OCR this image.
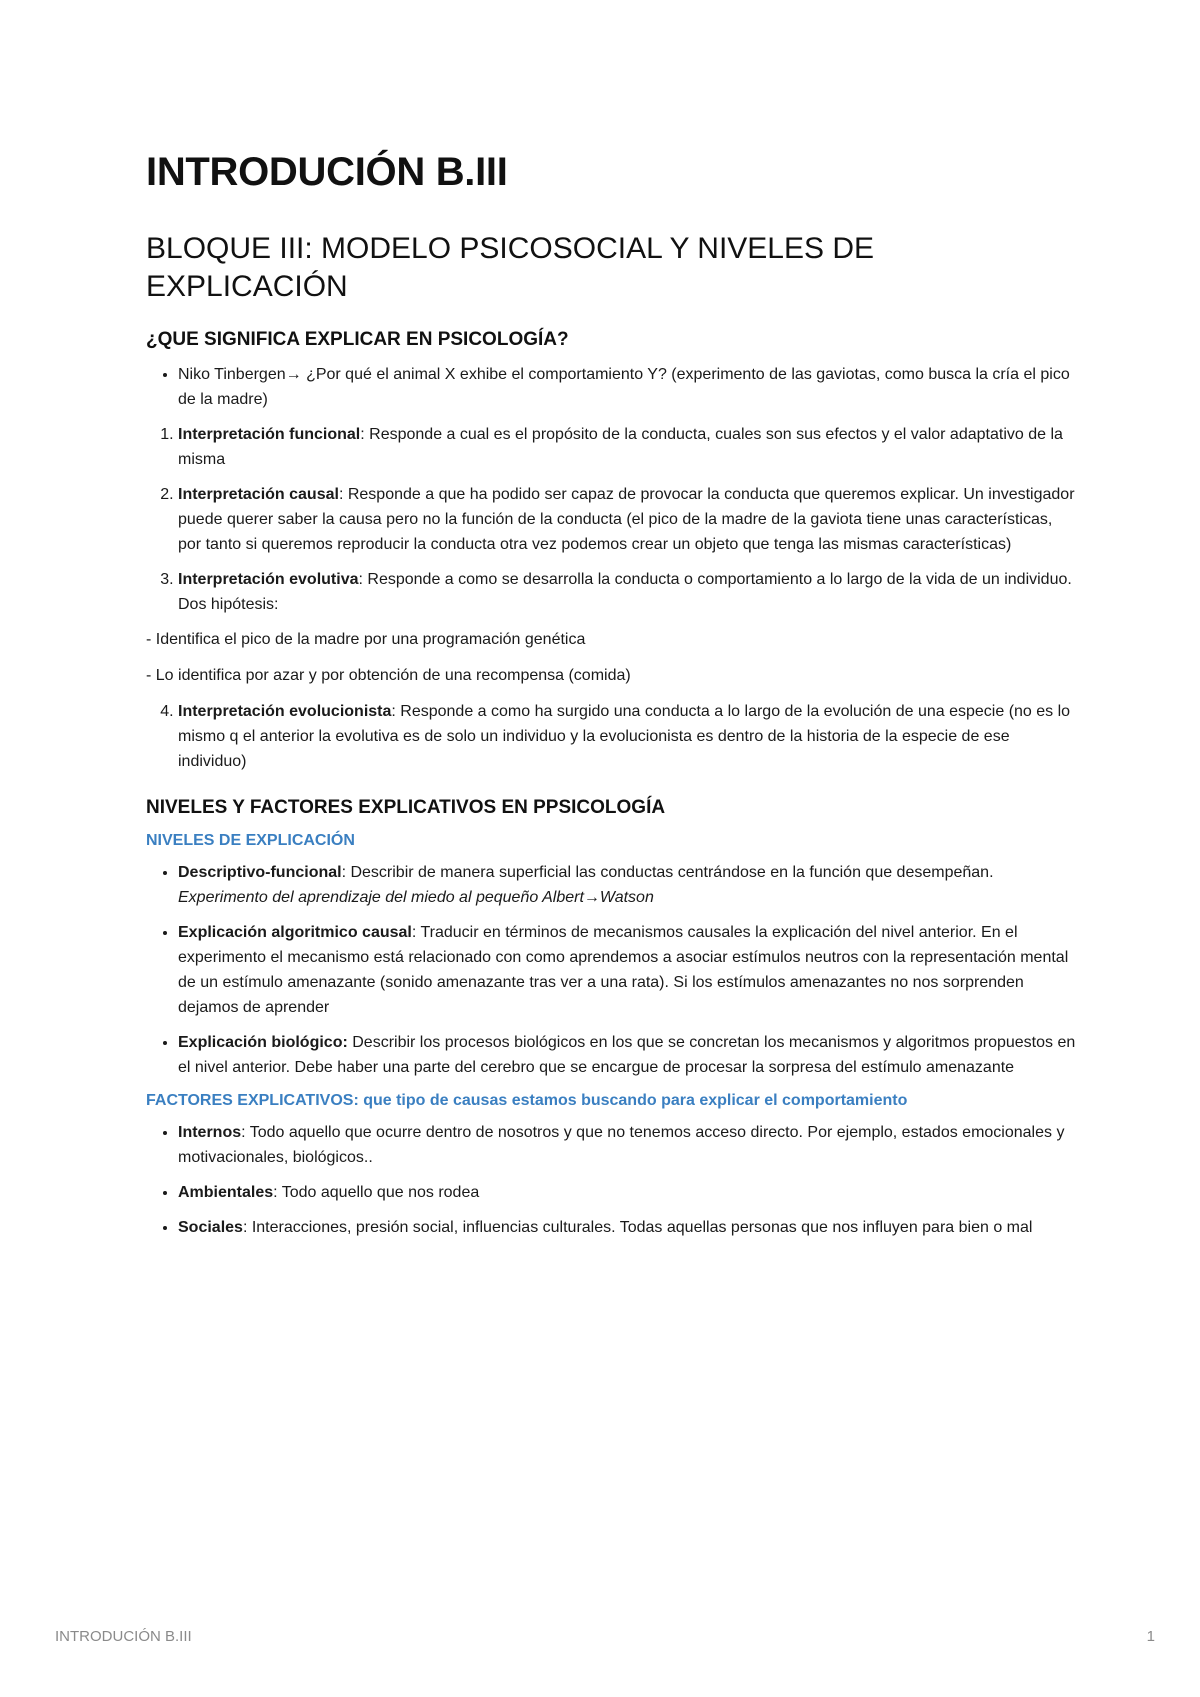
INTRODUCIÓN B.III
BLOQUE III: MODELO PSICOSOCIAL Y NIVELES DE EXPLICACIÓN
¿QUE SIGNIFICA EXPLICAR EN PSICOLOGÍA?
• Niko Tinbergen→ ¿Por qué el animal X exhibe el comportamiento Y? (experimento de las gaviotas, como busca la cría el pico de la madre)
1. Interpretación funcional: Responde a cual es el propósito de la conducta, cuales son sus efectos y el valor adaptativo de la misma
2. Interpretación causal: Responde a que ha podido ser capaz de provocar la conducta que queremos explicar. Un investigador puede querer saber la causa pero no la función de la conducta (el pico de la madre de la gaviota tiene unas características, por tanto si queremos reproducir la conducta otra vez podemos crear un objeto que tenga las mismas características)
3. Interpretación evolutiva: Responde a como se desarrolla la conducta o comportamiento a lo largo de la vida de un individuo. Dos hipótesis:

- Identifica el pico de la madre por una programación genética

- Lo identifica por azar y por obtención de una recompensa (comida)

4. Interpretación evolucionista: Responde a como ha surgido una conducta a lo largo de la evolución de una especie (no es lo mismo q el anterior la evolutiva es de solo un individuo y la evolucionista es dentro de la historia de la especie de ese individuo)
NIVELES Y FACTORES EXPLICATIVOS EN PPSICOLOGÍA
NIVELES DE EXPLICACIÓN
• Descriptivo-funcional: Describir de manera superficial las conductas centrándose en la función que desempeñan. Experimento del aprendizaje del miedo al pequeño Albert→Watson
• Explicación algoritmico causal: Traducir en términos de mecanismos causales la explicación del nivel anterior. En el experimento el mecanismo está relacionado con como aprendemos a asociar estímulos neutros con la representación mental de un estímulo amenazante (sonido amenazante tras ver a una rata). Si los estímulos amenazantes no nos sorprenden dejamos de aprender
• Explicación biológico: Describir los procesos biológicos en los que se concretan los mecanismos y algoritmos propuestos en el nivel anterior. Debe haber una parte del cerebro que se encargue de procesar la sorpresa del estímulo amenazante
FACTORES EXPLICATIVOS: que tipo de causas estamos buscando para explicar el comportamiento
• Internos: Todo aquello que ocurre dentro de nosotros y que no tenemos acceso directo. Por ejemplo, estados emocionales y motivacionales, biológicos..
• Ambientales: Todo aquello que nos rodea
• Sociales: Interacciones, presión social, influencias culturales. Todas aquellas personas que nos influyen para bien o mal
INTRODUCIÓN B.III	1
